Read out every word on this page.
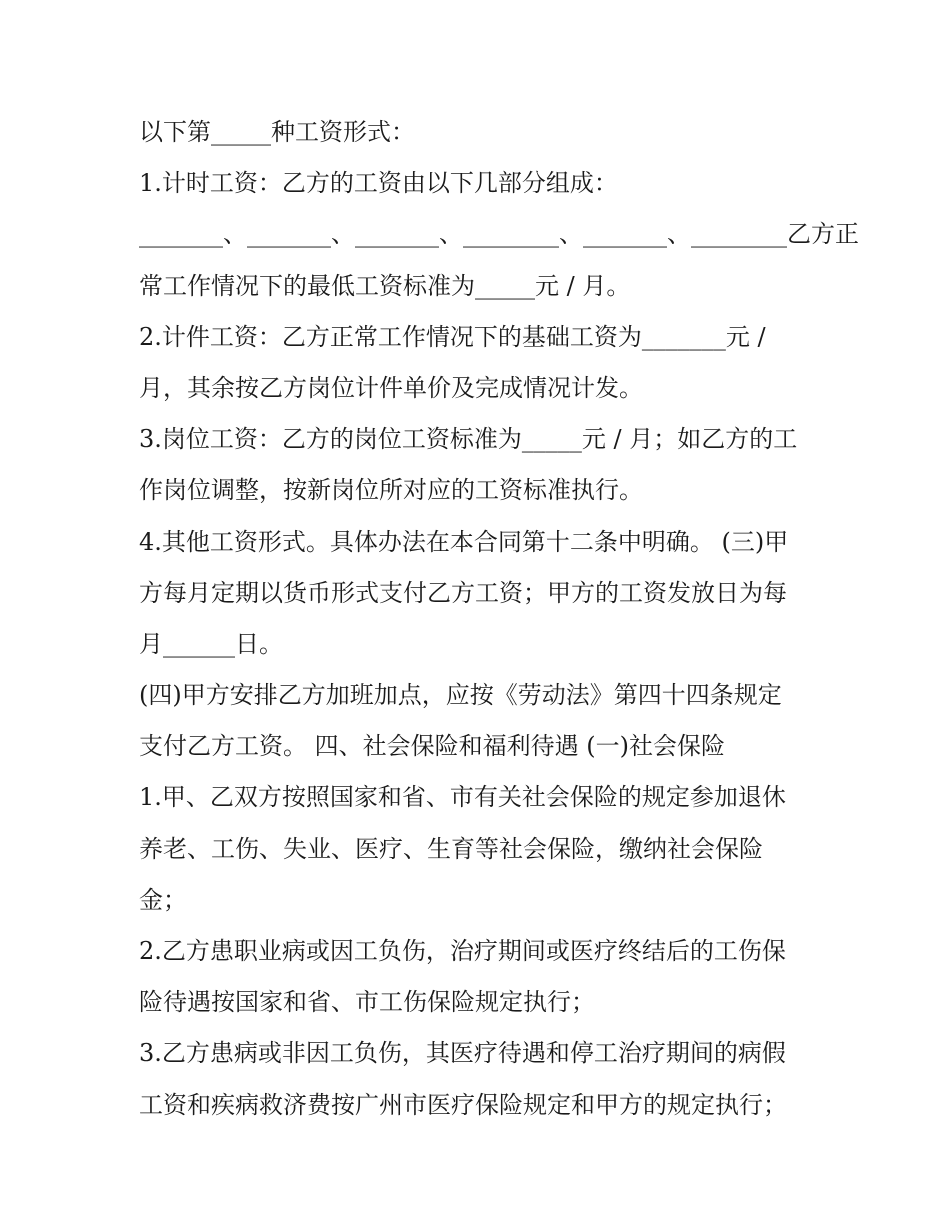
以下第_____种工资形式：
1.计时工资：乙方的工资由以下几部分组成：
_______、_______、_______、________、_______、________乙方正
常工作情况下的最低工资标准为_____元 / 月。
2.计件工资：乙方正常工作情况下的基础工资为_______元 /
月，其余按乙方岗位计件单价及完成情况计发。
3.岗位工资：乙方的岗位工资标准为_____元 / 月；如乙方的工
作岗位调整，按新岗位所对应的工资标准执行。
4.其他工资形式。具体办法在本合同第十二条中明确。 (三)甲
方每月定期以货币形式支付乙方工资；甲方的工资发放日为每
月______日。
(四)甲方安排乙方加班加点，应按《劳动法》第四十四条规定
支付乙方工资。 四、社会保险和福利待遇 (一)社会保险
1.甲、乙双方按照国家和省、市有关社会保险的规定参加退休
养老、工伤、失业、医疗、生育等社会保险，缴纳社会保险
金；
2.乙方患职业病或因工负伤，治疗期间或医疗终结后的工伤保
险待遇按国家和省、市工伤保险规定执行；
3.乙方患病或非因工负伤，其医疗待遇和停工治疗期间的病假
工资和疾病救济费按广州市医疗保险规定和甲方的规定执行；
